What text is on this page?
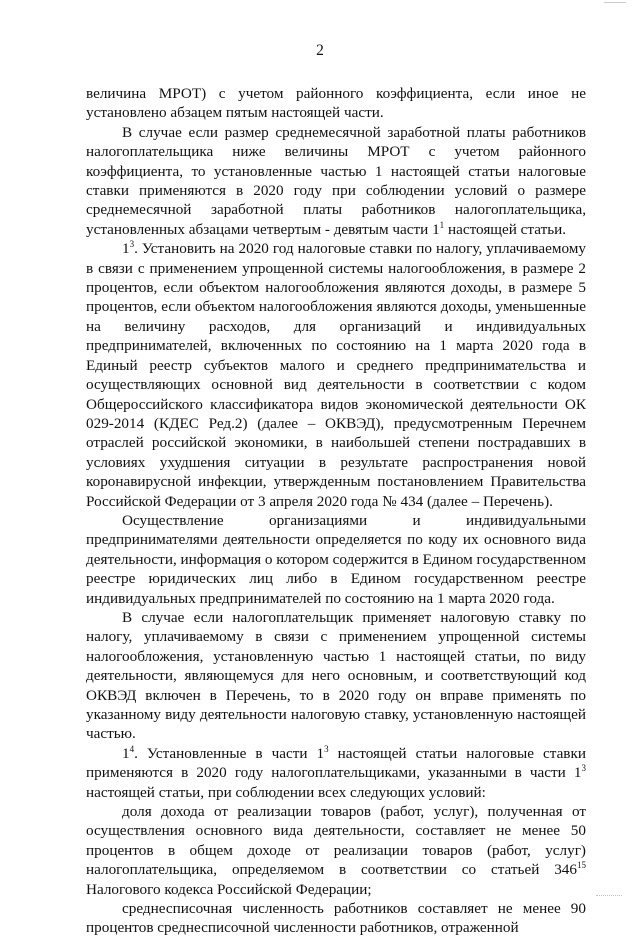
2

величина МРОТ) с учетом районного коэффициента, если иное не установлено абзацем пятым настоящей части.

В случае если размер среднемесячной заработной платы работников налогоплательщика ниже величины МРОТ с учетом районного коэффициента, то установленные частью 1 настоящей статьи налоговые ставки применяются в 2020 году при соблюдении условий о размере среднемесячной заработной платы работников налогоплательщика, установленных абзацами четвертым - девятым части $1^1$ настоящей статьи.

$1^3$. Установить на 2020 год налоговые ставки по налогу, уплачиваемому в связи с применением упрощенной системы налогообложения, в размере 2 процентов, если объектом налогообложения являются доходы, в размере 5 процентов, если объектом налогообложения являются доходы, уменьшенные на величину расходов, для организаций и индивидуальных предпринимателей, включенных по состоянию на 1 марта 2020 года в Единый реестр субъектов малого и среднего предпринимательства и осуществляющих основной вид деятельности в соответствии с кодом Общероссийского классификатора видов экономической деятельности ОК 029-2014 (КДЕС Ред.2) (далее – ОКВЭД), предусмотренным Перечнем отраслей российской экономики, в наибольшей степени пострадавших в условиях ухудшения ситуации в результате распространения новой коронавирусной инфекции, утвержденным постановлением Правительства Российской Федерации от 3 апреля 2020 года № 434 (далее – Перечень).

Осуществление организациями и индивидуальными предпринимателями деятельности определяется по коду их основного вида деятельности, информация о котором содержится в Едином государственном реестре юридических лиц либо в Едином государственном реестре индивидуальных предпринимателей по состоянию на 1 марта 2020 года.

В случае если налогоплательщик применяет налоговую ставку по налогу, уплачиваемому в связи с применением упрощенной системы налогообложения, установленную частью 1 настоящей статьи, по виду деятельности, являющемуся для него основным, и соответствующий код ОКВЭД включен в Перечень, то в 2020 году он вправе применять по указанному виду деятельности налоговую ставку, установленную настоящей частью.

$1^4$. Установленные в части $1^3$ настоящей статьи налоговые ставки применяются в 2020 году налогоплательщиками, указанными в части $1^3$ настоящей статьи, при соблюдении всех следующих условий:

доля дохода от реализации товаров (работ, услуг), полученная от осуществления основного вида деятельности, составляет не менее 50 процентов в общем доходе от реализации товаров (работ, услуг) налогоплательщика, определяемом в соответствии со статьей $346^{15}$ Налогового кодекса Российской Федерации;

среднесписочная численность работников составляет не менее 90 процентов среднесписочной численности работников, отраженной
